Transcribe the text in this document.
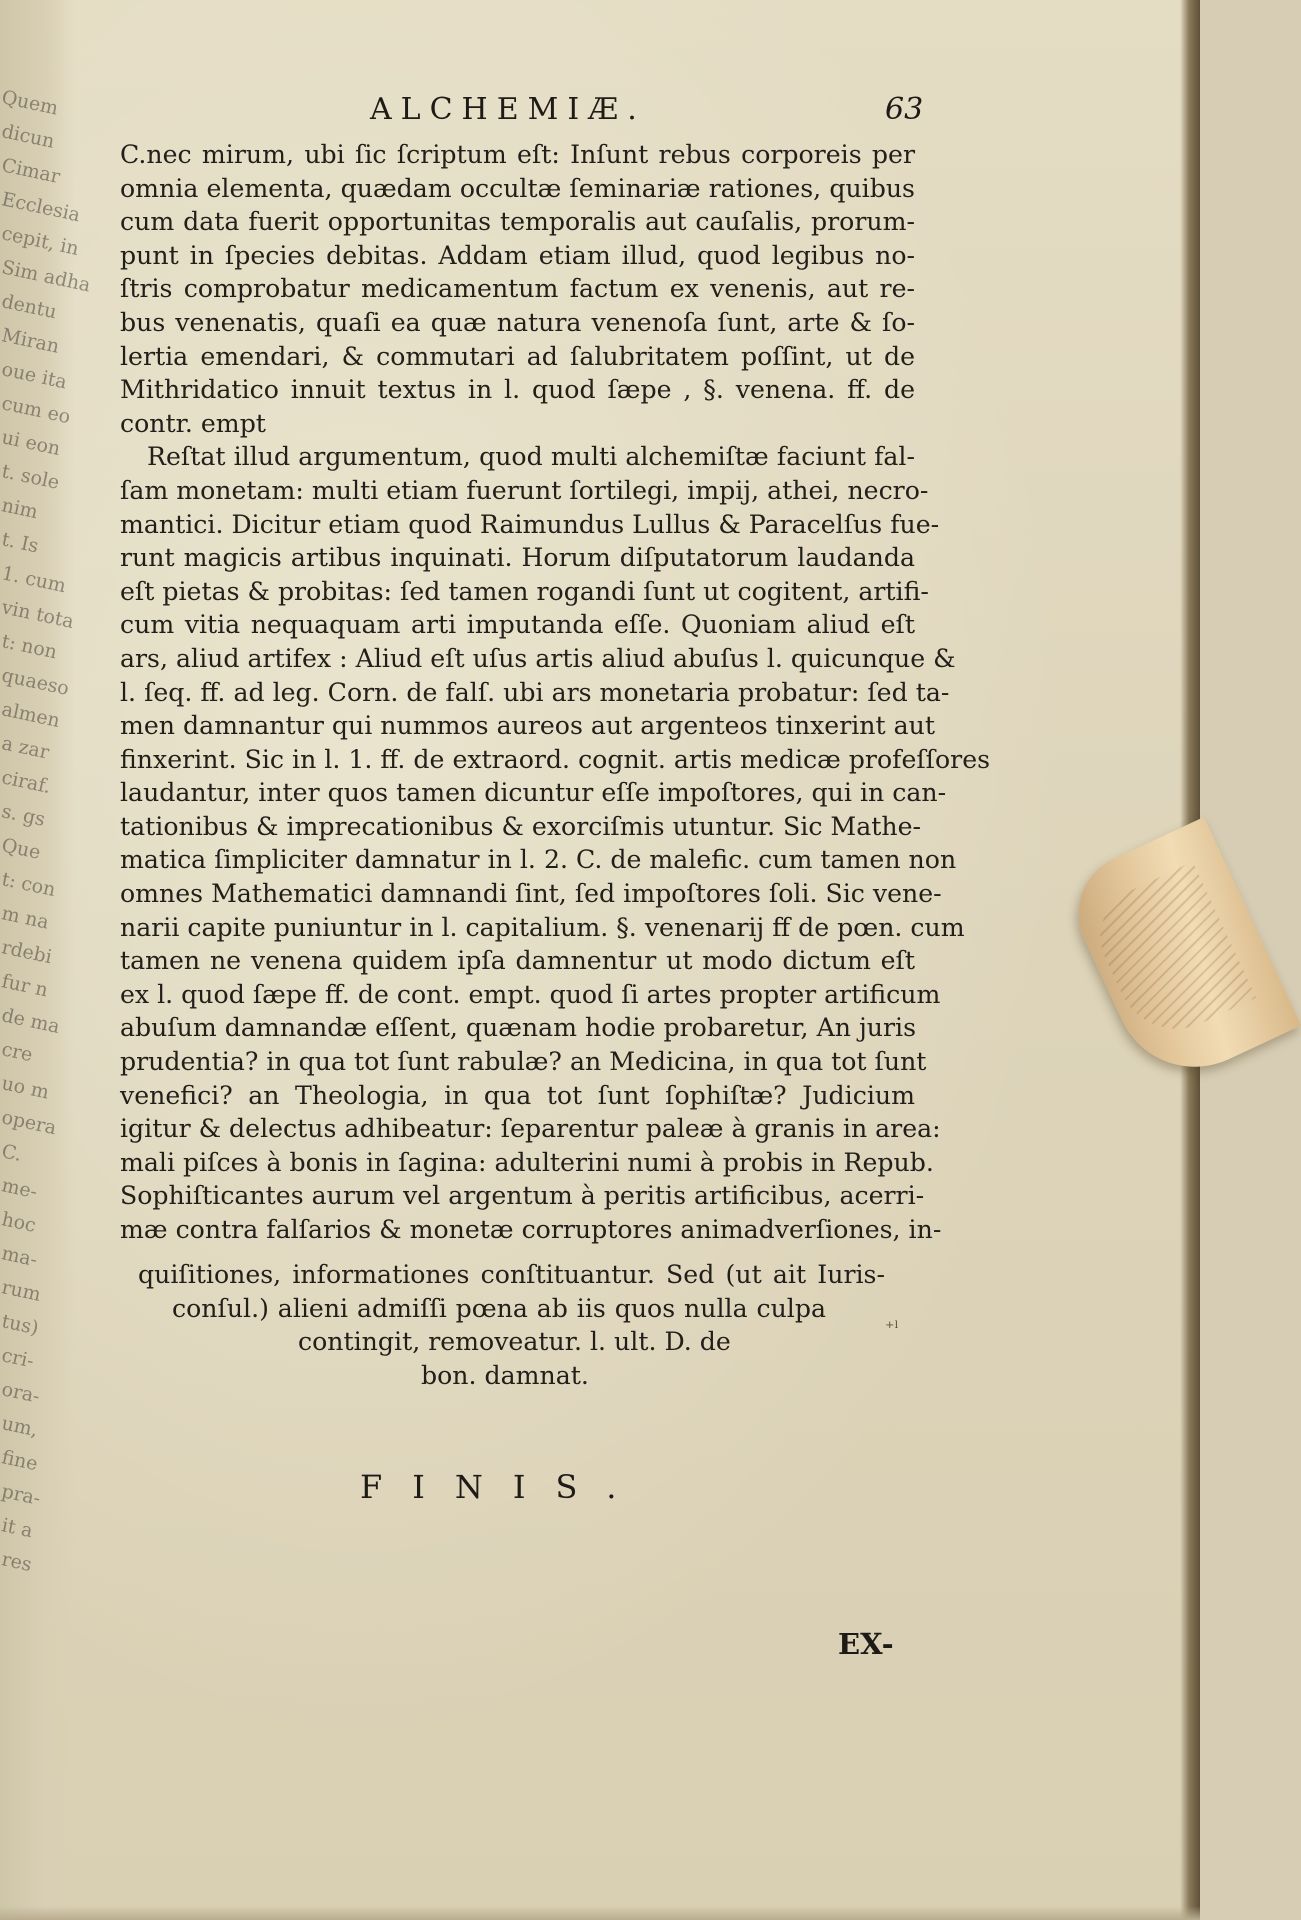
Quem
dicun
Cimar
Ecclesia
cepit, in
Sim adha
dentu
Miran
oue ita
cum eo
ui eon
t. sole
nim
t. Is
1. cum
vin tota
t: non
quaeso
almen
a zar
ciraf.
s. gs
Que
t: con
m na
rdebi
fur n
de ma
cre
uo m
opera
C.
me-
hoc
ma-
rum
tus)
cri-
ora-
um,
fine
pra-
it a
res
ALCHEMIÆ.	63
C.nec mirum, ubi ſic ſcriptum eſt: Inſunt rebus corporeis per
omnia elementa, quædam occultæ ſeminariæ rationes, quibus
cum data fuerit opportunitas temporalis aut cauſalis, prorum-
punt in ſpecies debitas. Addam etiam illud, quod legibus no-
ſtris comprobatur medicamentum factum ex venenis, aut re-
bus venenatis, quaſi ea quæ natura venenoſa ſunt, arte & ſo-
lertia emendari, & commutari ad ſalubritatem poſſint, ut de
Mithridatico innuit textus in l. quod ſæpe , §. venena. ff. de
contr. empt
Reſtat illud argumentum, quod multi alchemiſtæ faciunt fal-
ſam monetam: multi etiam fuerunt ſortilegi, impij, athei, necro-
mantici. Dicitur etiam quod Raimundus Lullus & Paracelſus fue-
runt magicis artibus inquinati. Horum diſputatorum laudanda
eſt pietas & probitas: ſed tamen rogandi ſunt ut cogitent, artifi-
cum vitia nequaquam arti imputanda eſſe. Quoniam aliud eſt
ars, aliud artifex : Aliud eſt uſus artis aliud abuſus l. quicunque &
l. ſeq. ff. ad leg. Corn. de falſ. ubi ars monetaria probatur: ſed ta-
men damnantur qui nummos aureos aut argenteos tinxerint aut
finxerint. Sic in l. 1. ff. de extraord. cognit. artis medicæ profeſſores
laudantur, inter quos tamen dicuntur eſſe impoſtores, qui in can-
tationibus & imprecationibus & exorciſmis utuntur. Sic Mathe-
matica ſimpliciter damnatur in l. 2. C. de malefic. cum tamen non
omnes Mathematici damnandi ſint, ſed impoſtores ſoli. Sic vene-
narii capite puniuntur in l. capitalium. §. venenarij ff de pœn. cum
tamen ne venena quidem ipſa damnentur ut modo dictum eſt
ex l. quod ſæpe ff. de cont. empt. quod ſi artes propter artificum
abuſum damnandæ eſſent, quænam hodie probaretur, An juris
prudentia? in qua tot ſunt rabulæ? an Medicina, in qua tot ſunt
venefici? an Theologia, in qua tot ſunt ſophiſtæ? Judicium
igitur & delectus adhibeatur: ſeparentur paleæ à granis in area:
mali piſces à bonis in ſagina: adulterini numi à probis in Repub.
Sophiſticantes aurum vel argentum à peritis artificibus, acerri-
mæ contra falſarios & monetæ corruptores animadverſiones, in-
quiſitiones, informationes conſtituantur. Sed (ut ait Iuris-
conſul.) alieni admiſſi pœna ab iis quos nulla culpa
contingit, removeatur. l. ult. D. de
bon. damnat.
⁺ˡ
FINIS.
EX-
